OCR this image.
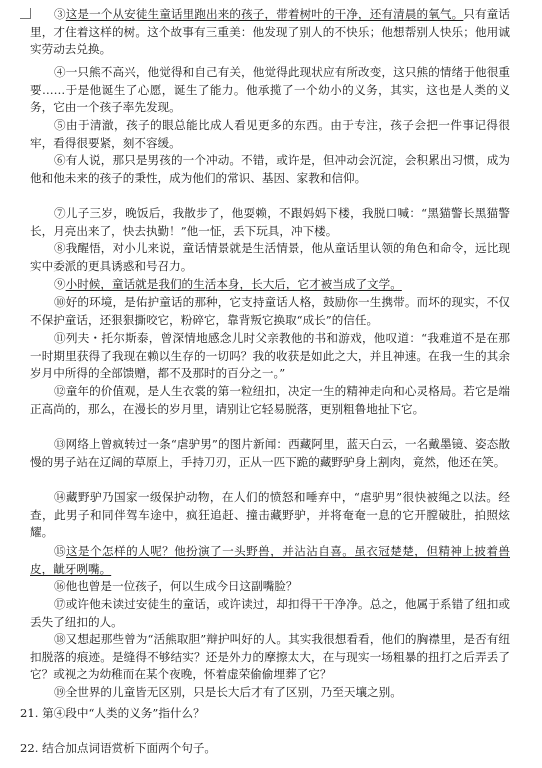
③这是一个从安徒生童话里跑出来的孩子，带着树叶的干净，还有清晨的氧气。只有童话里，才住着这样的树。这个故事有三重美：他发现了别人的不快乐；他想帮别人快乐；他用诚实劳动去兑换。

④一只熊不高兴，他觉得和自己有关，他觉得此现状应有所改变，这只熊的情绪于他很重要……于是他诞生了心愿，诞生了能力。他承揽了一个幼小的义务，其实，这也是人类的义务，它由一个孩子率先发现。

⑤由于清澈，孩子的眼总能比成人看见更多的东西。由于专注，孩子会把一件事记得很牢，看得很要紧，刻不容缓。

⑥有人说，那只是男孩的一个冲动。不错，或许是，但冲动会沉淀，会积累出习惯，成为他和他未来的孩子的秉性，成为他们的常识、基因、家教和信仰。

⑦儿子三岁，晚饭后，我散步了，他耍赖，不跟妈妈下楼，我脱口喊：“黑猫警长黑猫警长，月亮出来了，快去执勤！”他一怔，丢下玩具，冲下楼。

⑧我醒悟，对小儿来说，童话情景就是生活情景，他从童话里认领的角色和命令，远比现实中委派的更具诱惑和号召力。

⑨小时候，童话就是我们的生活本身，长大后，它才被当成了文学。

⑩好的环境，是佑护童话的那种，它支持童话人格，鼓励你一生携带。而坏的现实，不仅不保护童话，还狠狠撕咬它，粉碎它，靠背叛它换取“成长”的信任。

⑪列夫・托尔斯泰，曾深情地感念儿时父亲教他的书和游戏，他叹道：“我难道不是在那一时期里获得了我现在赖以生存的一切吗？我的收获是如此之大，并且神速。在我一生的其余岁月中所得的全部馈赠，都不及那时的百分之一。”

⑫童年的价值观，是人生衣裳的第一粒纽扣，决定一生的精神走向和心灵格局。若它是端正高尚的，那么，在漫长的岁月里，请别让它轻易脱落，更别粗鲁地扯下它。

⑬网络上曾疯转过一条“虐驴男”的图片新闻：西藏阿里，蓝天白云，一名戴墨镜、姿态散慢的男子站在辽阔的草原上，手持刀刃，正从一匹下跪的藏野驴身上割肉，竟然，他还在笑。

⑭藏野驴乃国家一级保护动物，在人们的愤怒和唾弃中，“虐驴男”很快被绳之以法。经查，此男子和同伴驾车途中，疯狂追赶、撞击藏野驴，并将奄奄一息的它开膛破肚，拍照炫耀。

⑮这是个怎样的人呢？他扮演了一头野兽，并沾沾自喜。虽衣冠楚楚，但精神上披着兽皮，龇牙咧嘴。

⑯他也曾是一位孩子，何以生成今日这副嘴脸？

⑰或许他未读过安徒生的童话，或许读过，却扣得干干净净。总之，他属于系错了纽扣或丢失了纽扣的人。

⑱又想起那些曾为“活熊取胆”辩护叫好的人。其实我很想看看，他们的胸襟里，是否有纽扣脱落的痕迹。是缝得不够结实？还是外力的摩擦太大，在与现实一场粗暴的扭打之后弄丢了它？或视之为幼稚而在某个夜晚，怀着虚荣偷偷埋葬了它？

⑲全世界的儿童皆无区别，只是长大后才有了区别，乃至天壤之别。

21. 第④段中“人类的义务”指什么？

22. 结合加点词语赏析下面两个句子。
